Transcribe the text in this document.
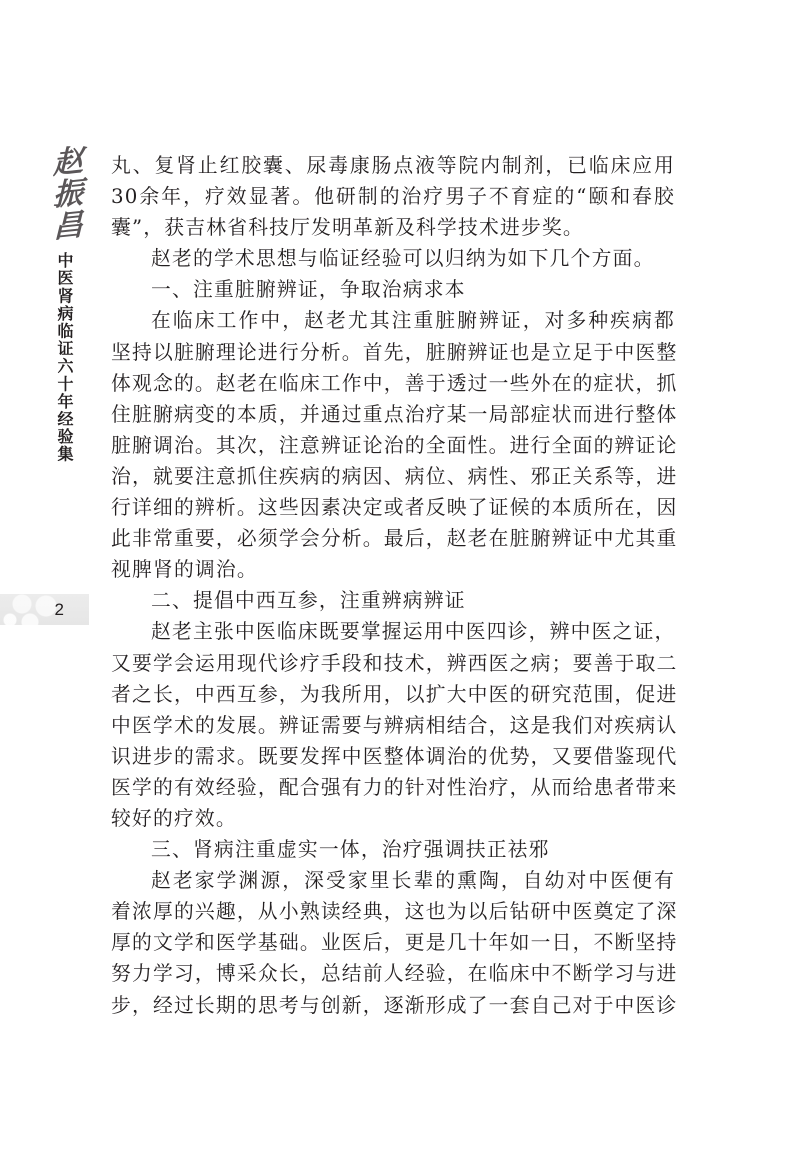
赵振昌
中医肾病临证六十年经验集
2
丸、复肾止红胶囊、尿毒康肠点液等院内制剂，已临床应用
30余年，疗效显著。他研制的治疗男子不育症的“颐和春胶
囊”，获吉林省科技厅发明革新及科学技术进步奖。
赵老的学术思想与临证经验可以归纳为如下几个方面。
一、注重脏腑辨证，争取治病求本
在临床工作中，赵老尤其注重脏腑辨证，对多种疾病都
坚持以脏腑理论进行分析。首先，脏腑辨证也是立足于中医整
体观念的。赵老在临床工作中，善于透过一些外在的症状，抓
住脏腑病变的本质，并通过重点治疗某一局部症状而进行整体
脏腑调治。其次，注意辨证论治的全面性。进行全面的辨证论
治，就要注意抓住疾病的病因、病位、病性、邪正关系等，进
行详细的辨析。这些因素决定或者反映了证候的本质所在，因
此非常重要，必须学会分析。最后，赵老在脏腑辨证中尤其重
视脾肾的调治。
二、提倡中西互参，注重辨病辨证
赵老主张中医临床既要掌握运用中医四诊，辨中医之证，
又要学会运用现代诊疗手段和技术，辨西医之病；要善于取二
者之长，中西互参，为我所用，以扩大中医的研究范围，促进
中医学术的发展。辨证需要与辨病相结合，这是我们对疾病认
识进步的需求。既要发挥中医整体调治的优势，又要借鉴现代
医学的有效经验，配合强有力的针对性治疗，从而给患者带来
较好的疗效。
三、肾病注重虚实一体，治疗强调扶正祛邪
赵老家学渊源，深受家里长辈的熏陶，自幼对中医便有
着浓厚的兴趣，从小熟读经典，这也为以后钻研中医奠定了深
厚的文学和医学基础。业医后，更是几十年如一日，不断坚持
努力学习，博采众长，总结前人经验，在临床中不断学习与进
步，经过长期的思考与创新，逐渐形成了一套自己对于中医诊
